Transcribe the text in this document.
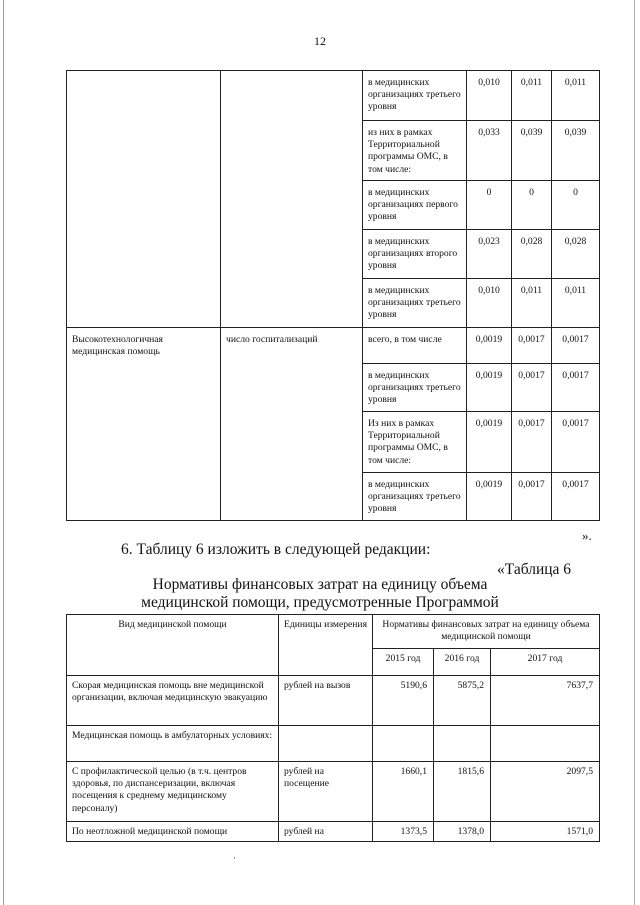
12
		в медицинских организациях третьего уровня	0,010	0,011	0,011
		из них в рамках Территориальной программы ОМС, в том числе:	0,033	0,039	0,039
		в медицинских организациях первого уровня	0	0	0
		в медицинских организациях второго уровня	0,023	0,028	0,028
		в медицинских организациях третьего уровня	0,010	0,011	0,011
Высокотехнологичная медицинская помощь	число госпитализаций	всего, в том числе	0,0019	0,0017	0,0017
		в медицинских организациях третьего уровня	0,0019	0,0017	0,0017
		Из них в рамках Территориальной программы ОМС, в том числе:	0,0019	0,0017	0,0017
		в медицинских организациях третьего уровня	0,0019	0,0017	0,0017
».
6. Таблицу 6 изложить в следующей редакции:
«Таблица 6
Нормативы финансовых затрат на единицу объема
медицинской помощи, предусмотренные Программой
Вид медицинской помощи	Единицы измерения	Нормативы финансовых затрат на единицу объема медицинской помощи		
		2015 год	2016 год	2017 год
Скорая медицинская помощь вне медицинской организации, включая медицинскую эвакуацию	рублей на вызов	5190,6	5875,2	7637,7
Медицинская помощь в амбулаторных условиях:				
С профилактической целью (в т.ч. центров здоровья, по диспансеризации, включая посещения к среднему медицинскому персоналу)	рублей на посещение	1660,1	1815,6	2097,5
По неотложной медицинской помощи	рублей на	1373,5	1378,0	1571,0
·
